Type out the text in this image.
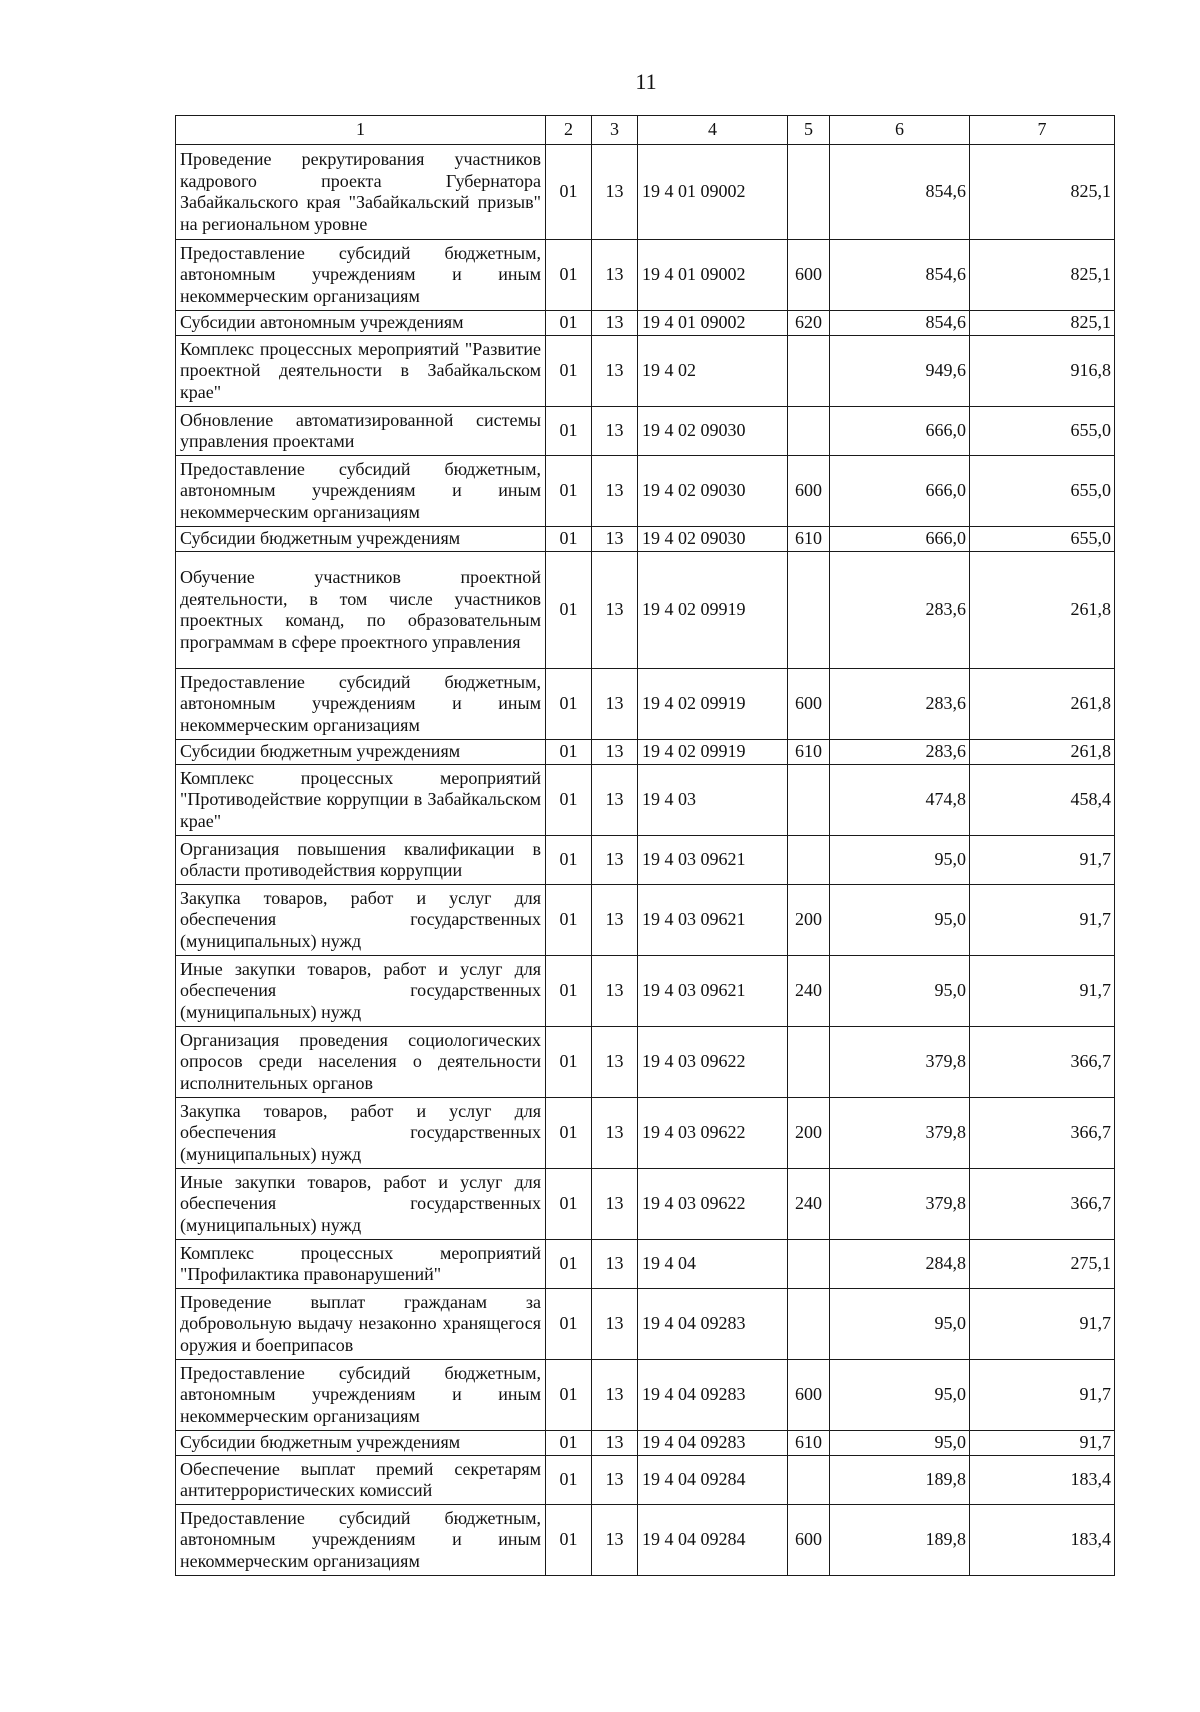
11
1	2	3	4	5	6	7
Проведение рекрутирования участников кадрового проекта Губернатора Забайкальского края "Забайкальский призыв" на региональном уровне	01	13	19 4 01 09002		854,6	825,1
Предоставление субсидий бюджетным, автономным учреждениям и иным некоммерческим организациям	01	13	19 4 01 09002	600	854,6	825,1
Субсидии автономным учреждениям	01	13	19 4 01 09002	620	854,6	825,1
Комплекс процессных мероприятий "Развитие проектной деятельности в Забайкальском крае"	01	13	19 4 02		949,6	916,8
Обновление автоматизированной системы управления проектами	01	13	19 4 02 09030		666,0	655,0
Предоставление субсидий бюджетным, автономным учреждениям и иным некоммерческим организациям	01	13	19 4 02 09030	600	666,0	655,0
Субсидии бюджетным учреждениям	01	13	19 4 02 09030	610	666,0	655,0
Обучение участников проектной деятельности, в том числе участников проектных команд, по образовательным программам в сфере проектного управления	01	13	19 4 02 09919		283,6	261,8
Предоставление субсидий бюджетным, автономным учреждениям и иным некоммерческим организациям	01	13	19 4 02 09919	600	283,6	261,8
Субсидии бюджетным учреждениям	01	13	19 4 02 09919	610	283,6	261,8
Комплекс процессных мероприятий "Противодействие коррупции в Забайкальском крае"	01	13	19 4 03		474,8	458,4
Организация повышения квалификации в области противодействия коррупции	01	13	19 4 03 09621		95,0	91,7
Закупка товаров, работ и услуг для обеспечения государственных (муниципальных) нужд	01	13	19 4 03 09621	200	95,0	91,7
Иные закупки товаров, работ и услуг для обеспечения государственных (муниципальных) нужд	01	13	19 4 03 09621	240	95,0	91,7
Организация проведения социологических опросов среди населения о деятельности исполнительных органов	01	13	19 4 03 09622		379,8	366,7
Закупка товаров, работ и услуг для обеспечения государственных (муниципальных) нужд	01	13	19 4 03 09622	200	379,8	366,7
Иные закупки товаров, работ и услуг для обеспечения государственных (муниципальных) нужд	01	13	19 4 03 09622	240	379,8	366,7
Комплекс процессных мероприятий "Профилактика правонарушений"	01	13	19 4 04		284,8	275,1
Проведение выплат гражданам за добровольную выдачу незаконно хранящегося оружия и боеприпасов	01	13	19 4 04 09283		95,0	91,7
Предоставление субсидий бюджетным, автономным учреждениям и иным некоммерческим организациям	01	13	19 4 04 09283	600	95,0	91,7
Субсидии бюджетным учреждениям	01	13	19 4 04 09283	610	95,0	91,7
Обеспечение выплат премий секретарям антитеррористических комиссий	01	13	19 4 04 09284		189,8	183,4
Предоставление субсидий бюджетным, автономным учреждениям и иным некоммерческим организациям	01	13	19 4 04 09284	600	189,8	183,4
